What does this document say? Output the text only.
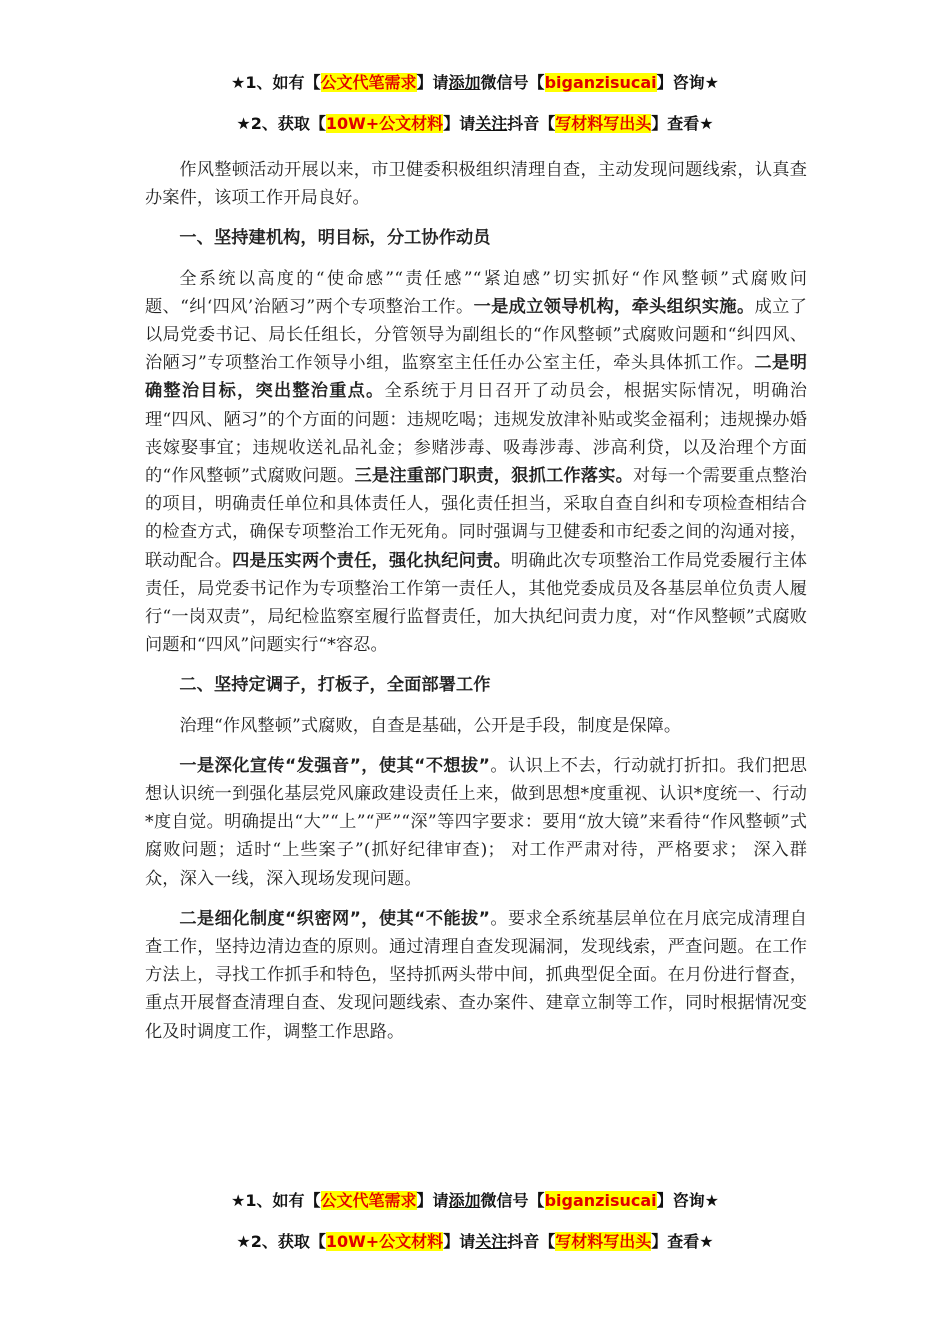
★1、如有【公文代笔需求】请添加微信号【biganzisucai】咨询★
★2、获取【10W+公文材料】请关注抖音【写材料写出头】查看★

作风整顿活动开展以来，市卫健委积极组织清理自查，主动发现问题线索，认真查办案件，该项工作开局良好。

一、坚持建机构，明目标，分工协作动员

全系统以高度的“使命感”“责任感”“紧迫感”切实抓好“作风整顿”式腐败问题、“纠‘四风’治陋习”两个专项整治工作。一是成立领导机构，牵头组织实施。成立了以局党委书记、局长任组长，分管领导为副组长的“作风整顿”式腐败问题和“纠四风、治陋习”专项整治工作领导小组，监察室主任任办公室主任，牵头具体抓工作。二是明确整治目标，突出整治重点。全系统于月日召开了动员会，根据实际情况，明确治理“四风、陋习”的个方面的问题：违规吃喝；违规发放津补贴或奖金福利；违规操办婚丧嫁娶事宜；违规收送礼品礼金；参赌涉毒、吸毒涉毒、涉高利贷，以及治理个方面的“作风整顿”式腐败问题。三是注重部门职责，狠抓工作落实。对每一个需要重点整治的项目，明确责任单位和具体责任人，强化责任担当，采取自查自纠和专项检查相结合的检查方式，确保专项整治工作无死角。同时强调与卫健委和市纪委之间的沟通对接，联动配合。四是压实两个责任，强化执纪问责。明确此次专项整治工作局党委履行主体责任，局党委书记作为专项整治工作第一责任人，其他党委成员及各基层单位负责人履行“一岗双责”，局纪检监察室履行监督责任，加大执纪问责力度，对“作风整顿”式腐败问题和“四风”问题实行“*容忍。

二、坚持定调子，打板子，全面部署工作

治理“作风整顿”式腐败，自查是基础，公开是手段，制度是保障。

一是深化宣传“发强音”，使其“不想拔”。认识上不去，行动就打折扣。我们把思想认识统一到强化基层党风廉政建设责任上来，做到思想*度重视、认识*度统一、行动*度自觉。明确提出“大”“上”“严”“深”等四字要求：要用“放大镜”来看待“作风整顿”式腐败问题；适时“上些案子”(抓好纪律审查)； 对工作严肃对待，严格要求； 深入群众，深入一线，深入现场发现问题。

二是细化制度“织密网”，使其“不能拔”。要求全系统基层单位在月底完成清理自查工作，坚持边清边查的原则。通过清理自查发现漏洞，发现线索，严查问题。在工作方法上，寻找工作抓手和特色，坚持抓两头带中间，抓典型促全面。在月份进行督查，重点开展督查清理自查、发现问题线索、查办案件、建章立制等工作，同时根据情况变化及时调度工作，调整工作思路。

★1、如有【公文代笔需求】请添加微信号【biganzisucai】咨询★
★2、获取【10W+公文材料】请关注抖音【写材料写出头】查看★
